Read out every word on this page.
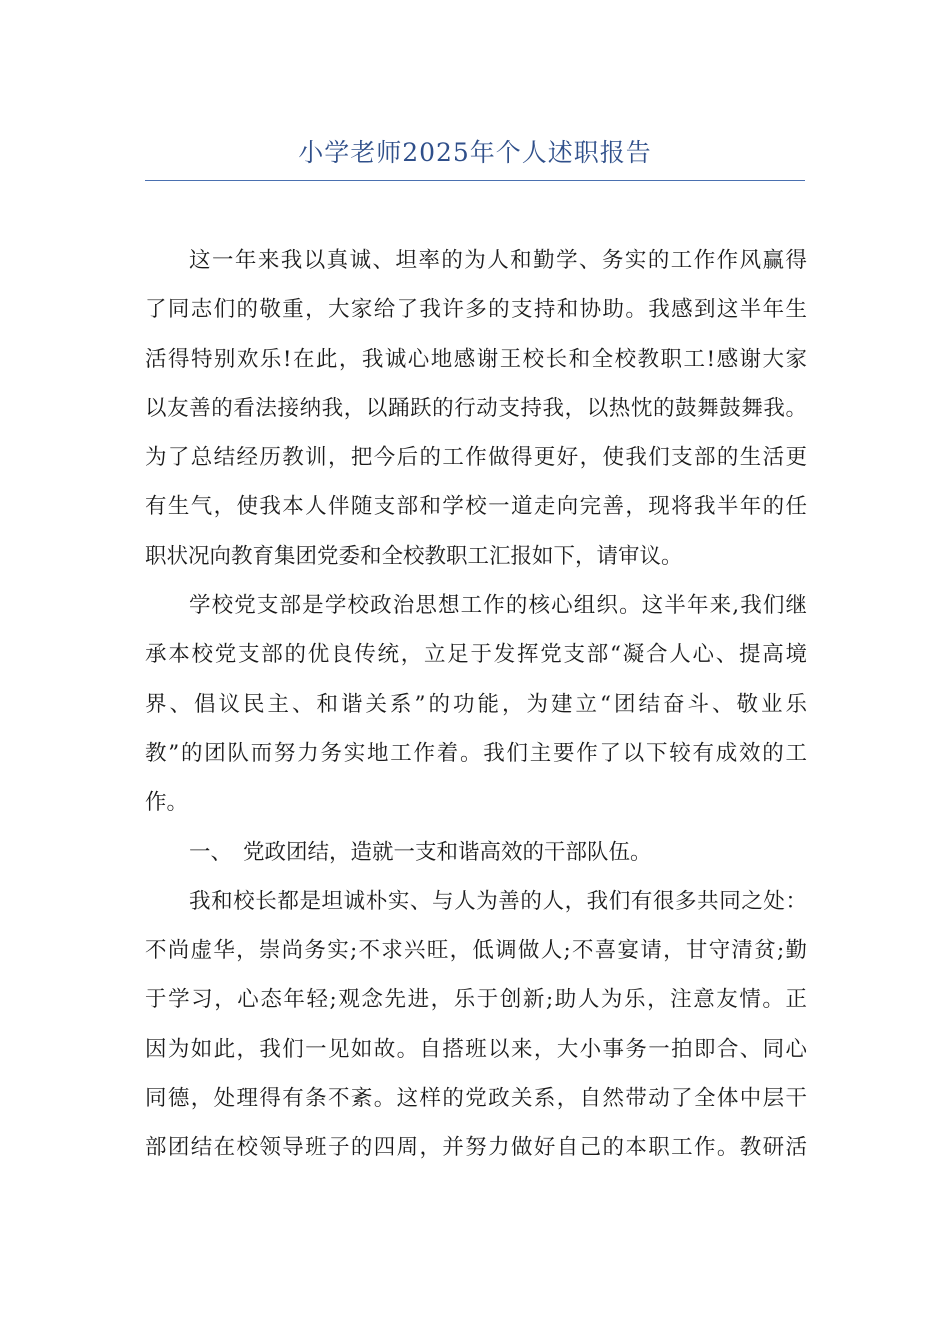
小学老师2025年个人述职报告
这一年来我以真诚、坦率的为人和勤学、务实的工作作风赢得
了同志们的敬重，大家给了我许多的支持和协助。我感到这半年生
活得特别欢乐!在此，我诚心地感谢王校长和全校教职工!感谢大家
以友善的看法接纳我，以踊跃的行动支持我，以热忱的鼓舞鼓舞我。
为了总结经历教训，把今后的工作做得更好，使我们支部的生活更
有生气，使我本人伴随支部和学校一道走向完善，现将我半年的任
职状况向教育集团党委和全校教职工汇报如下，请审议。
学校党支部是学校政治思想工作的核心组织。这半年来,我们继
承本校党支部的优良传统，立足于发挥党支部“凝合人心、提高境
界、倡议民主、和谐关系”的功能，为建立“团结奋斗、敬业乐
教”的团队而努力务实地工作着。我们主要作了以下较有成效的工
作。
一、 党政团结，造就一支和谐高效的干部队伍。
我和校长都是坦诚朴实、与人为善的人，我们有很多共同之处：
不尚虚华，崇尚务实;不求兴旺，低调做人;不喜宴请，甘守清贫;勤
于学习，心态年轻;观念先进，乐于创新;助人为乐，注意友情。正
因为如此，我们一见如故。自搭班以来，大小事务一拍即合、同心
同德，处理得有条不紊。这样的党政关系，自然带动了全体中层干
部团结在校领导班子的四周，并努力做好自己的本职工作。教研活
